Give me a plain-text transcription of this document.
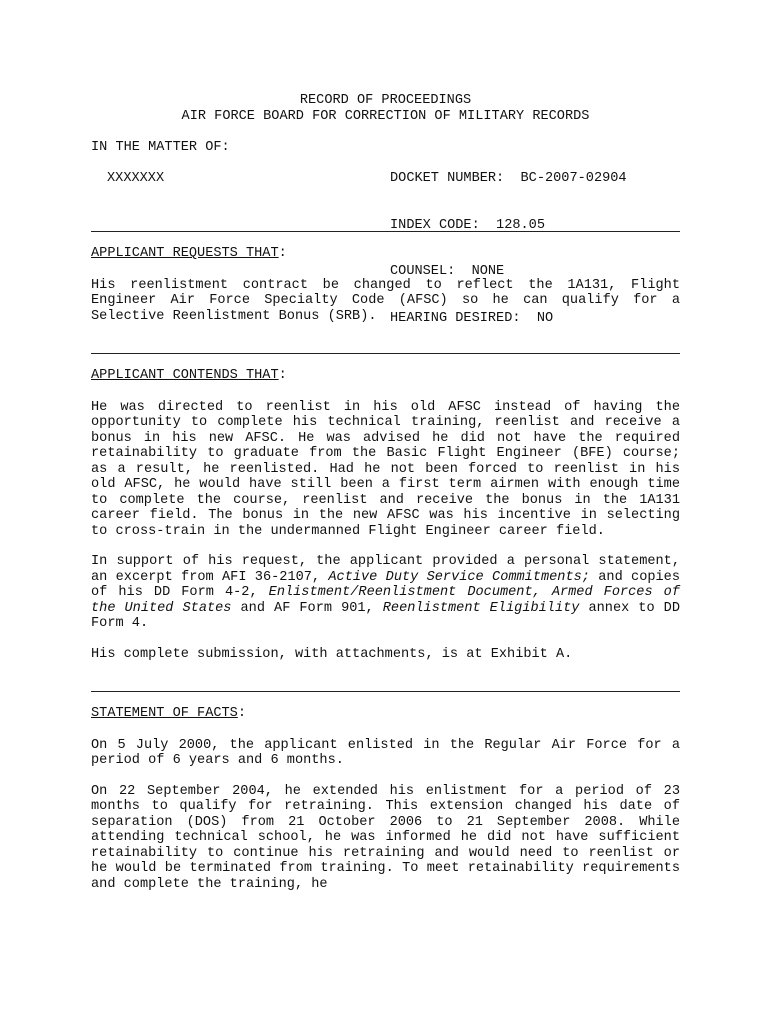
RECORD OF PROCEEDINGS
AIR FORCE BOARD FOR CORRECTION OF MILITARY RECORDS
IN THE MATTER OF:
XXXXXXX

	DOCKET NUMBER:  BC-2007-02904

INDEX CODE:  128.05

COUNSEL:  NONE

HEARING DESIRED:  NO

APPLICANT REQUESTS THAT:

His reenlistment contract be changed to reflect the 1A131, Flight Engineer Air Force Specialty Code (AFSC) so he can qualify for a Selective Reenlistment Bonus (SRB).

APPLICANT CONTENDS THAT:

He was directed to reenlist in his old AFSC instead of having the opportunity to complete his technical training, reenlist and receive a bonus in his new AFSC. He was advised he did not have the required retainability to graduate from the Basic Flight Engineer (BFE) course; as a result, he reenlisted. Had he not been forced to reenlist in his old AFSC, he would have still been a first term airmen with enough time to complete the course, reenlist and receive the bonus in the 1A131 career field. The bonus in the new AFSC was his incentive in selecting to cross-train in the undermanned Flight Engineer career field.

In support of his request, the applicant provided a personal statement, an excerpt from AFI 36-2107, Active Duty Service Commitments; and copies of his DD Form 4-2, Enlistment/Reenlistment Document, Armed Forces of the United States and AF Form 901, Reenlistment Eligibility annex to DD Form 4.

His complete submission, with attachments, is at Exhibit A.

STATEMENT OF FACTS:

On 5 July 2000, the applicant enlisted in the Regular Air Force for a period of 6 years and 6 months.

On 22 September 2004, he extended his enlistment for a period of 23 months to qualify for retraining. This extension changed his date of separation (DOS) from 21 October 2006 to 21 September 2008. While attending technical school, he was informed he did not have sufficient retainability to continue his retraining and would need to reenlist or he would be terminated from training. To meet retainability requirements and complete the training, he
